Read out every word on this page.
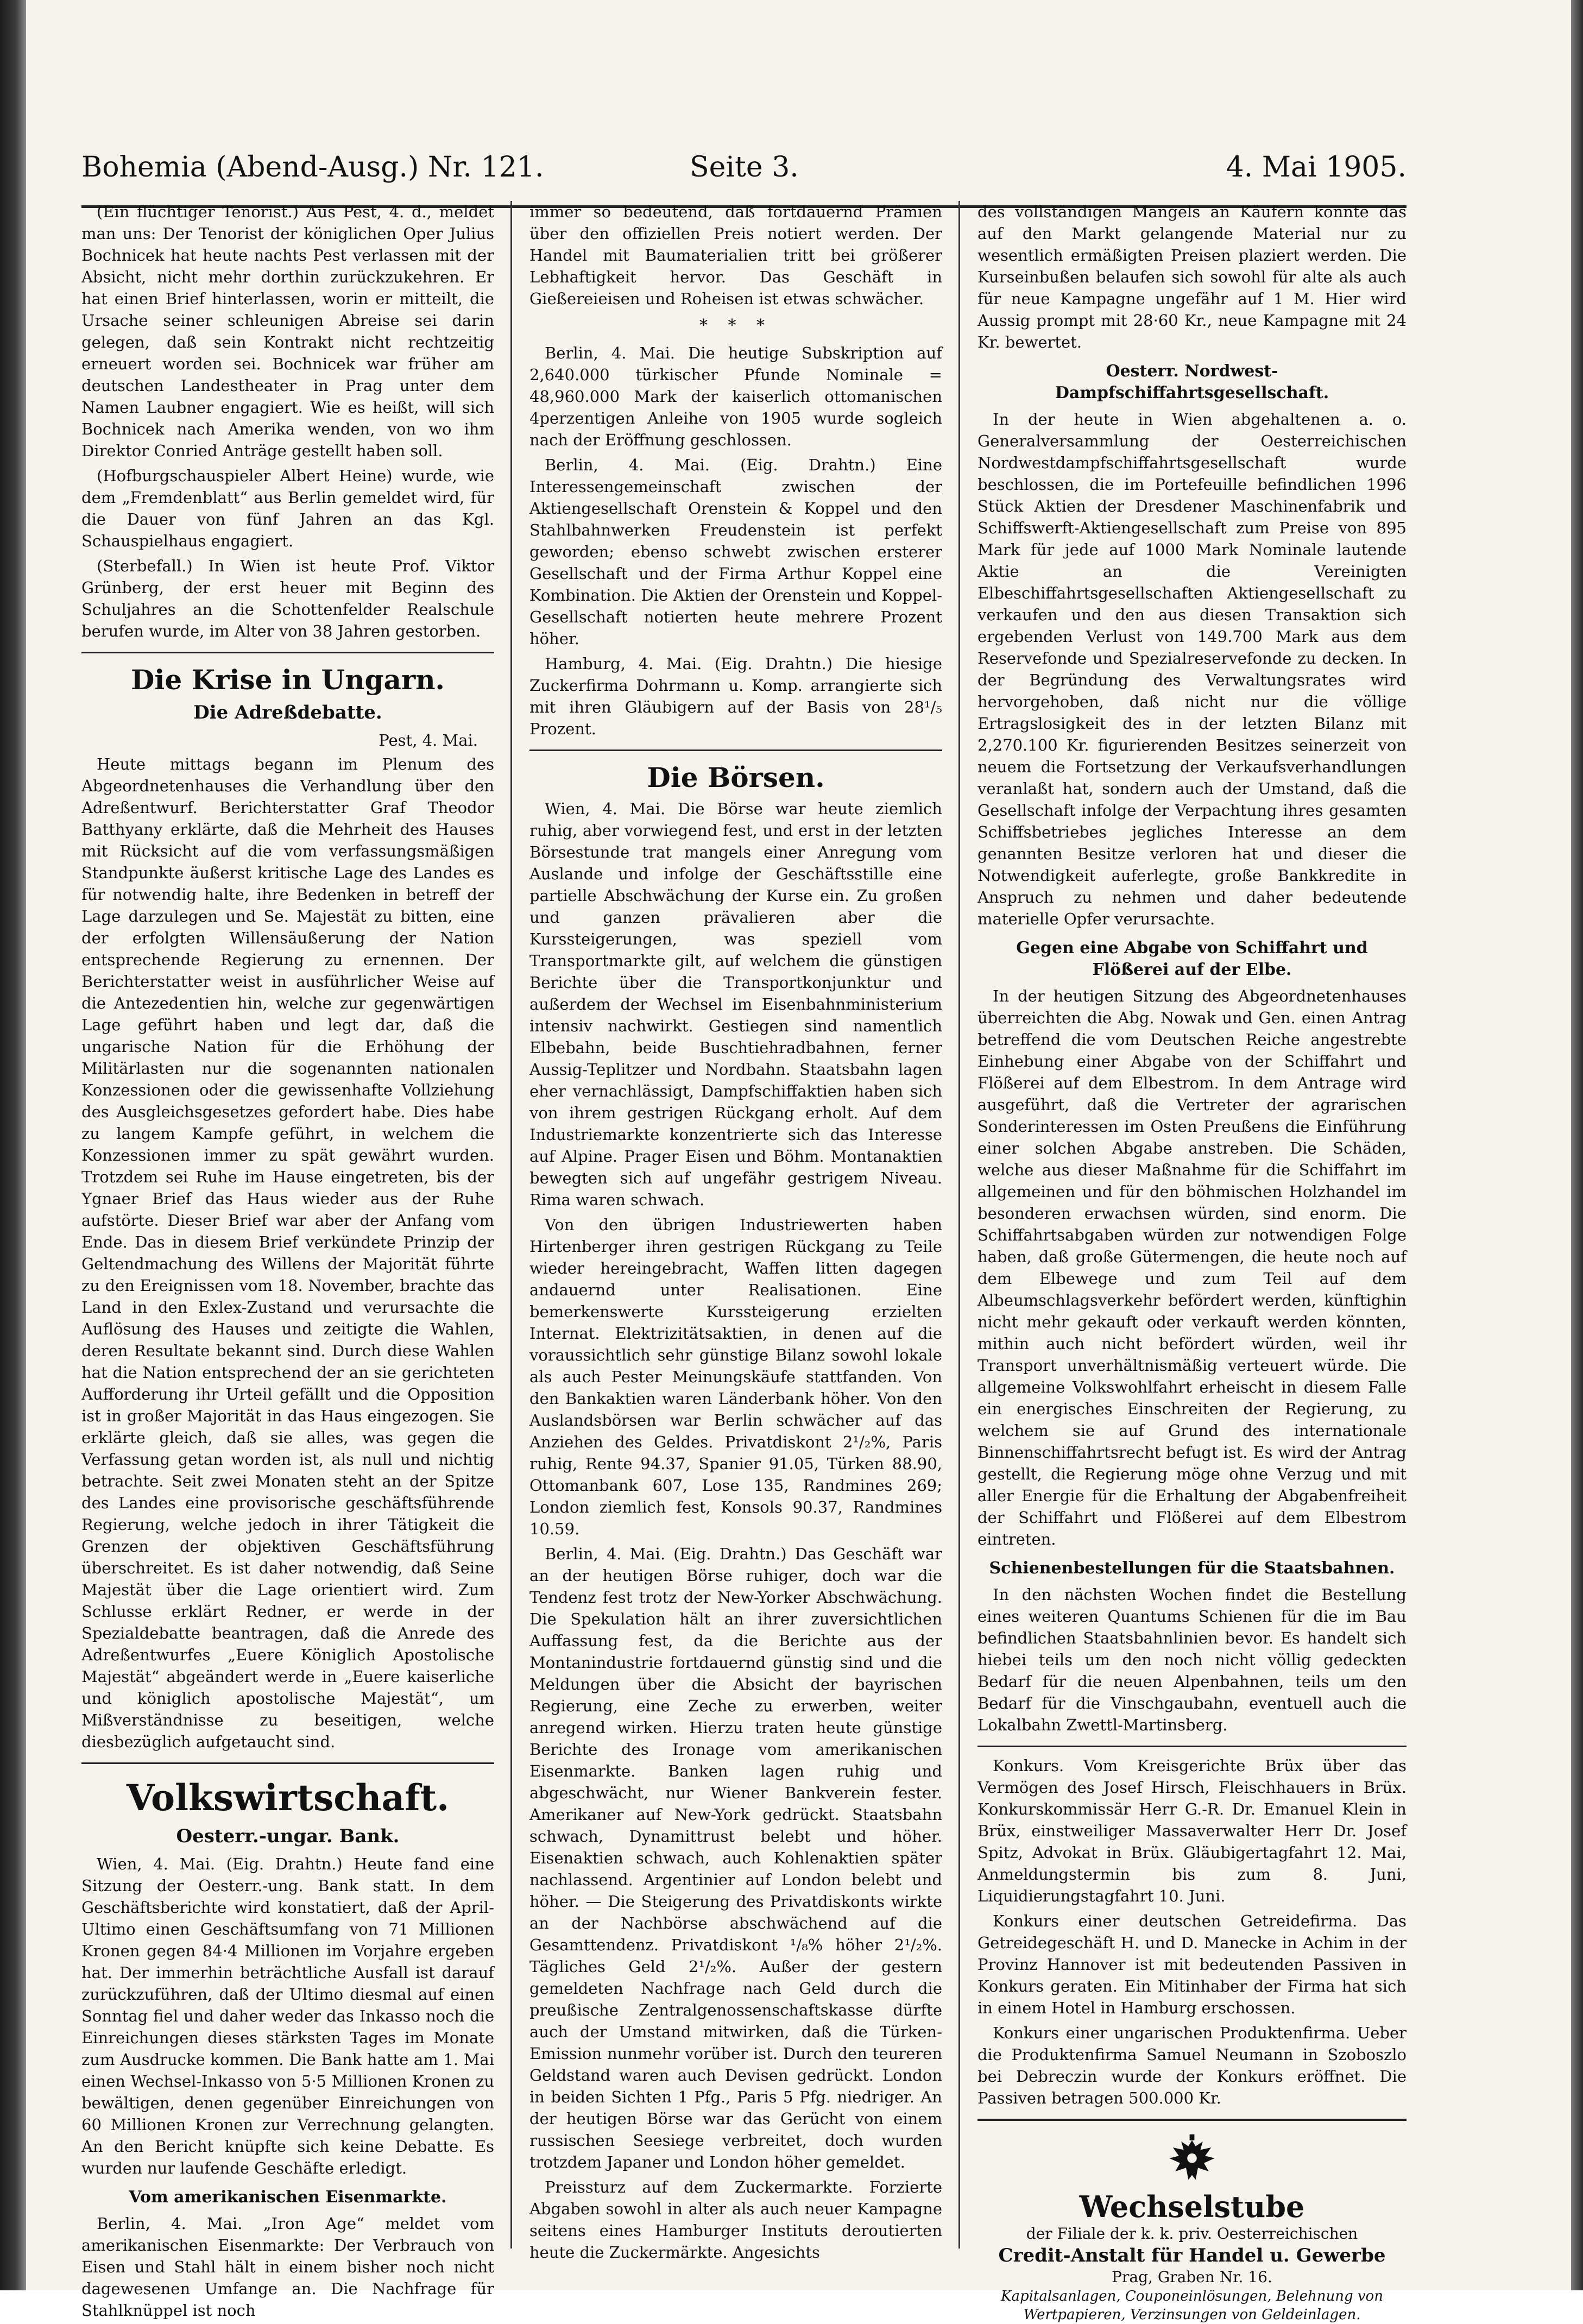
Bohemia (Abend-Ausg.) Nr. 121.	Seite 3.	4. Mai 1905.

(Ein flüchtiger Tenorist.) Aus Pest, 4. d., meldet man uns: Der Tenorist der königlichen Oper Julius Bochnicek hat heute nachts Pest verlassen mit der Absicht, nicht mehr dorthin zurückzukehren. Er hat einen Brief hinterlassen, worin er mitteilt, die Ursache seiner schleunigen Abreise sei darin gelegen, daß sein Kontrakt nicht rechtzeitig erneuert worden sei. Bochnicek war früher am deutschen Landestheater in Prag unter dem Namen Laubner engagiert. Wie es heißt, will sich Bochnicek nach Amerika wenden, von wo ihm Direktor Conried Anträge gestellt haben soll.

(Hofburgschauspieler Albert Heine) wurde, wie dem „Fremdenblatt“ aus Berlin gemeldet wird, für die Dauer von fünf Jahren an das Kgl. Schauspielhaus engagiert.

(Sterbefall.) In Wien ist heute Prof. Viktor Grünberg, der erst heuer mit Beginn des Schuljahres an die Schottenfelder Realschule berufen wurde, im Alter von 38 Jahren gestorben.

Die Krise in Ungarn.
Die Adreßdebatte.
Pest, 4. Mai.

Heute mittags begann im Plenum des Abgeordnetenhauses die Verhandlung über den Adreßentwurf. Berichterstatter Graf Theodor Batthyany erklärte, daß die Mehrheit des Hauses mit Rücksicht auf die vom verfassungsmäßigen Standpunkte äußerst kritische Lage des Landes es für notwendig halte, ihre Bedenken in betreff der Lage darzulegen und Se. Majestät zu bitten, eine der erfolgten Willensäußerung der Nation entsprechende Regierung zu ernennen. Der Berichterstatter weist in ausführlicher Weise auf die Antezedentien hin, welche zur gegenwärtigen Lage geführt haben und legt dar, daß die ungarische Nation für die Erhöhung der Militärlasten nur die sogenannten nationalen Konzessionen oder die gewissenhafte Vollziehung des Ausgleichsgesetzes gefordert habe. Dies habe zu langem Kampfe geführt, in welchem die Konzessionen immer zu spät gewährt wurden. Trotzdem sei Ruhe im Hause eingetreten, bis der Ygnaer Brief das Haus wieder aus der Ruhe aufstörte. Dieser Brief war aber der Anfang vom Ende. Das in diesem Brief verkündete Prinzip der Geltendmachung des Willens der Majorität führte zu den Ereignissen vom 18. November, brachte das Land in den Exlex-Zustand und verursachte die Auflösung des Hauses und zeitigte die Wahlen, deren Resultate bekannt sind. Durch diese Wahlen hat die Nation entsprechend der an sie gerichteten Aufforderung ihr Urteil gefällt und die Opposition ist in großer Majorität in das Haus eingezogen. Sie erklärte gleich, daß sie alles, was gegen die Verfassung getan worden ist, als null und nichtig betrachte. Seit zwei Monaten steht an der Spitze des Landes eine provisorische geschäftsführende Regierung, welche jedoch in ihrer Tätigkeit die Grenzen der objektiven Geschäftsführung überschreitet. Es ist daher notwendig, daß Seine Majestät über die Lage orientiert wird. Zum Schlusse erklärt Redner, er werde in der Spezialdebatte beantragen, daß die Anrede des Adreßentwurfes „Euere Königlich Apostolische Majestät“ abgeändert werde in „Euere kaiserliche und königlich apostolische Majestät“, um Mißverständnisse zu beseitigen, welche diesbezüglich aufgetaucht sind.

Volkswirtschaft.
Oesterr.-ungar. Bank.

Wien, 4. Mai. (Eig. Drahtn.) Heute fand eine Sitzung der Oesterr.-ung. Bank statt. In dem Geschäftsberichte wird konstatiert, daß der April-Ultimo einen Geschäftsumfang von 71 Millionen Kronen gegen 84·4 Millionen im Vorjahre ergeben hat. Der immerhin beträchtliche Ausfall ist darauf zurückzuführen, daß der Ultimo diesmal auf einen Sonntag fiel und daher weder das Inkasso noch die Einreichungen dieses stärksten Tages im Monate zum Ausdrucke kommen. Die Bank hatte am 1. Mai einen Wechsel-Inkasso von 5·5 Millionen Kronen zu bewältigen, denen gegenüber Einreichungen von 60 Millionen Kronen zur Verrechnung gelangten. An den Bericht knüpfte sich keine Debatte. Es wurden nur laufende Geschäfte erledigt.

Vom amerikanischen Eisenmarkte.

Berlin, 4. Mai. „Iron Age“ meldet vom amerikanischen Eisenmarkte: Der Verbrauch von Eisen und Stahl hält in einem bisher noch nicht dagewesenen Umfange an. Die Nachfrage für Stahlknüppel ist noch

immer so bedeutend, daß fortdauernd Prämien über den offiziellen Preis notiert werden. Der Handel mit Baumaterialien tritt bei größerer Lebhaftigkeit hervor. Das Geschäft in Gießereieisen und Roheisen ist etwas schwächer.

* * *

Berlin, 4. Mai. Die heutige Subskription auf 2,640.000 türkischer Pfunde Nominale = 48,960.000 Mark der kaiserlich ottomanischen 4perzentigen Anleihe von 1905 wurde sogleich nach der Eröffnung geschlossen.

Berlin, 4. Mai. (Eig. Drahtn.) Eine Interessengemeinschaft zwischen der Aktiengesellschaft Orenstein & Koppel und den Stahlbahnwerken Freudenstein ist perfekt geworden; ebenso schwebt zwischen ersterer Gesellschaft und der Firma Arthur Koppel eine Kombination. Die Aktien der Orenstein und Koppel-Gesellschaft notierten heute mehrere Prozent höher.

Hamburg, 4. Mai. (Eig. Drahtn.) Die hiesige Zuckerfirma Dohrmann u. Komp. arrangierte sich mit ihren Gläubigern auf der Basis von 28¹/₅ Prozent.

Die Börsen.

Wien, 4. Mai. Die Börse war heute ziemlich ruhig, aber vorwiegend fest, und erst in der letzten Börsestunde trat mangels einer Anregung vom Auslande und infolge der Geschäftsstille eine partielle Abschwächung der Kurse ein. Zu großen und ganzen prävalieren aber die Kurssteigerungen, was speziell vom Transportmarkte gilt, auf welchem die günstigen Berichte über die Transportkonjunktur und außerdem der Wechsel im Eisenbahnministerium intensiv nachwirkt. Gestiegen sind namentlich Elbebahn, beide Buschtiehradbahnen, ferner Aussig-Teplitzer und Nordbahn. Staatsbahn lagen eher vernachlässigt, Dampfschiffaktien haben sich von ihrem gestrigen Rückgang erholt. Auf dem Industriemarkte konzentrierte sich das Interesse auf Alpine. Prager Eisen und Böhm. Montanaktien bewegten sich auf ungefähr gestrigem Niveau. Rima waren schwach.

Von den übrigen Industriewerten haben Hirtenberger ihren gestrigen Rückgang zu Teile wieder hereingebracht, Waffen litten dagegen andauernd unter Realisationen. Eine bemerkenswerte Kurssteigerung erzielten Internat. Elektrizitätsaktien, in denen auf die voraussichtlich sehr günstige Bilanz sowohl lokale als auch Pester Meinungskäufe stattfanden. Von den Bankaktien waren Länderbank höher. Von den Auslandsbörsen war Berlin schwächer auf das Anziehen des Geldes. Privatdiskont 2¹/₂%, Paris ruhig, Rente 94.37, Spanier 91.05, Türken 88.90, Ottomanbank 607, Lose 135, Randmines 269; London ziemlich fest, Konsols 90.37, Randmines 10.59.

Berlin, 4. Mai. (Eig. Drahtn.) Das Geschäft war an der heutigen Börse ruhiger, doch war die Tendenz fest trotz der New-Yorker Abschwächung. Die Spekulation hält an ihrer zuversichtlichen Auffassung fest, da die Berichte aus der Montanindustrie fortdauernd günstig sind und die Meldungen über die Absicht der bayrischen Regierung, eine Zeche zu erwerben, weiter anregend wirken. Hierzu traten heute günstige Berichte des Ironage vom amerikanischen Eisenmarkte. Banken lagen ruhig und abgeschwächt, nur Wiener Bankverein fester. Amerikaner auf New-York gedrückt. Staatsbahn schwach, Dynamittrust belebt und höher. Eisenaktien schwach, auch Kohlenaktien später nachlassend. Argentinier auf London belebt und höher. — Die Steigerung des Privatdiskonts wirkte an der Nachbörse abschwächend auf die Gesamttendenz. Privatdiskont ¹/₈% höher 2¹/₂%. Tägliches Geld 2¹/₂%. Außer der gestern gemeldeten Nachfrage nach Geld durch die preußische Zentralgenossenschaftskasse dürfte auch der Umstand mitwirken, daß die Türken-Emission nunmehr vorüber ist. Durch den teureren Geldstand waren auch Devisen gedrückt. London in beiden Sichten 1 Pfg., Paris 5 Pfg. niedriger. An der heutigen Börse war das Gerücht von einem russischen Seesiege verbreitet, doch wurden trotzdem Japaner und London höher gemeldet.

Preissturz auf dem Zuckermarkte. Forzierte Abgaben sowohl in alter als auch neuer Kampagne seitens eines Hamburger Instituts deroutierten heute die Zuckermärkte. Angesichts

des vollständigen Mangels an Käufern konnte das auf den Markt gelangende Material nur zu wesentlich ermäßigten Preisen plaziert werden. Die Kurseinbußen belaufen sich sowohl für alte als auch für neue Kampagne ungefähr auf 1 M. Hier wird Aussig prompt mit 28·60 Kr., neue Kampagne mit 24 Kr. bewertet.

Oesterr. Nordwest-Dampfschiffahrtsgesellschaft.

In der heute in Wien abgehaltenen a. o. Generalversammlung der Oesterreichischen Nordwestdampfschiffahrtsgesellschaft wurde beschlossen, die im Portefeuille befindlichen 1996 Stück Aktien der Dresdener Maschinenfabrik und Schiffswerft-Aktiengesellschaft zum Preise von 895 Mark für jede auf 1000 Mark Nominale lautende Aktie an die Vereinigten Elbeschiffahrtsgesellschaften Aktiengesellschaft zu verkaufen und den aus diesen Transaktion sich ergebenden Verlust von 149.700 Mark aus dem Reservefonde und Spezialreservefonde zu decken. In der Begründung des Verwaltungsrates wird hervorgehoben, daß nicht nur die völlige Ertragslosigkeit des in der letzten Bilanz mit 2,270.100 Kr. figurierenden Besitzes seinerzeit von neuem die Fortsetzung der Verkaufsverhandlungen veranlaßt hat, sondern auch der Umstand, daß die Gesellschaft infolge der Verpachtung ihres gesamten Schiffsbetriebes jegliches Interesse an dem genannten Besitze verloren hat und dieser die Notwendigkeit auferlegte, große Bankkredite in Anspruch zu nehmen und daher bedeutende materielle Opfer verursachte.

Gegen eine Abgabe von Schiffahrt und Flößerei auf der Elbe.

In der heutigen Sitzung des Abgeordnetenhauses überreichten die Abg. Nowak und Gen. einen Antrag betreffend die vom Deutschen Reiche angestrebte Einhebung einer Abgabe von der Schiffahrt und Flößerei auf dem Elbestrom. In dem Antrage wird ausgeführt, daß die Vertreter der agrarischen Sonderinteressen im Osten Preußens die Einführung einer solchen Abgabe anstreben. Die Schäden, welche aus dieser Maßnahme für die Schiffahrt im allgemeinen und für den böhmischen Holzhandel im besonderen erwachsen würden, sind enorm. Die Schiffahrtsabgaben würden zur notwendigen Folge haben, daß große Gütermengen, die heute noch auf dem Elbewege und zum Teil auf dem Albeumschlagsverkehr befördert werden, künftighin nicht mehr gekauft oder verkauft werden könnten, mithin auch nicht befördert würden, weil ihr Transport unverhältnismäßig verteuert würde. Die allgemeine Volkswohlfahrt erheischt in diesem Falle ein energisches Einschreiten der Regierung, zu welchem sie auf Grund des internationale Binnenschiffahrtsrecht befugt ist. Es wird der Antrag gestellt, die Regierung möge ohne Verzug und mit aller Energie für die Erhaltung der Abgabenfreiheit der Schiffahrt und Flößerei auf dem Elbestrom eintreten.

Schienenbestellungen für die Staatsbahnen.

In den nächsten Wochen findet die Bestellung eines weiteren Quantums Schienen für die im Bau befindlichen Staatsbahnlinien bevor. Es handelt sich hiebei teils um den noch nicht völlig gedeckten Bedarf für die neuen Alpenbahnen, teils um den Bedarf für die Vinschgaubahn, eventuell auch die Lokalbahn Zwettl-Martinsberg.

Konkurs. Vom Kreisgerichte Brüx über das Vermögen des Josef Hirsch, Fleischhauers in Brüx. Konkurskommissär Herr G.-R. Dr. Emanuel Klein in Brüx, einstweiliger Massaverwalter Herr Dr. Josef Spitz, Advokat in Brüx. Gläubigertagfahrt 12. Mai, Anmeldungstermin bis zum 8. Juni, Liquidierungstagfahrt 10. Juni.

Konkurs einer deutschen Getreidefirma. Das Getreidegeschäft H. und D. Manecke in Achim in der Provinz Hannover ist mit bedeutenden Passiven in Konkurs geraten. Ein Mitinhaber der Firma hat sich in einem Hotel in Hamburg erschossen.

Konkurs einer ungarischen Produktenfirma. Ueber die Produktenfirma Samuel Neumann in Szoboszlo bei Debreczin wurde der Konkurs eröffnet. Die Passiven betragen 500.000 Kr.

Wechselstube
der Filiale der k. k. priv. Oesterreichischen
Credit-Anstalt für Handel u. Gewerbe
Prag, Graben Nr. 16.
Kapitalsanlagen, Couponeinlösungen, Belehnung von Wertpapieren, Verzinsungen von Geldeinlagen.
